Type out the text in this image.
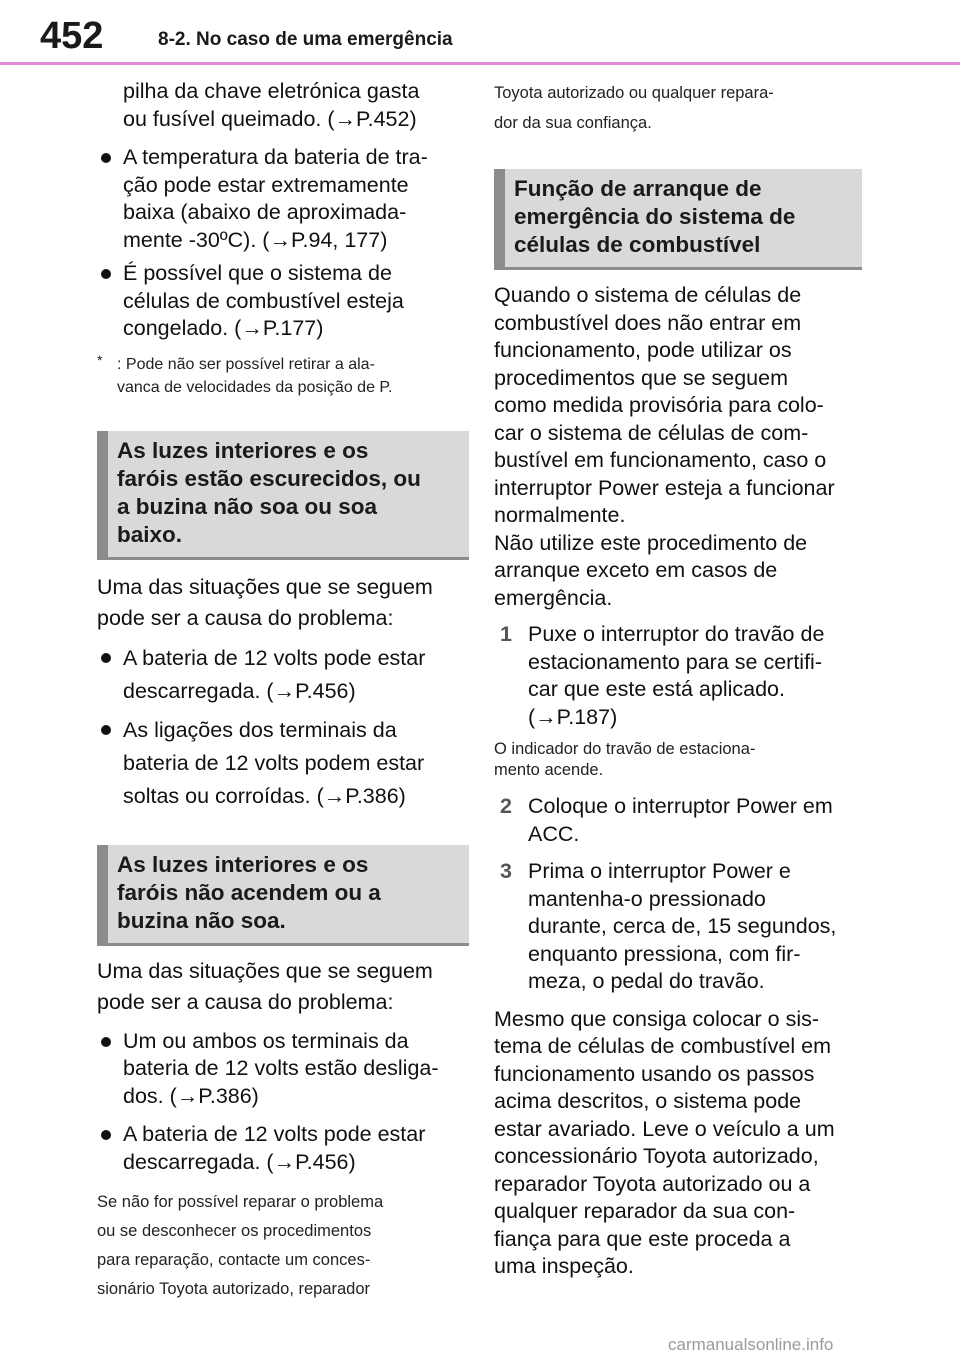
452	8-2. No caso de uma emergência

pilha da chave eletrónica gasta
ou fusível queimado. (→P.452)

A temperatura da bateria de tra-
ção pode estar extremamente
baixa (abaixo de aproximada-
mente -30ºC). (→P.94, 177)
É possível que o sistema de
células de combustível esteja
congelado. (→P.177)
* : Pode não ser possível retirar a ala-
vanca de velocidades da posição de P.

As luzes interiores e os
faróis estão escurecidos, ou
a buzina não soa ou soa
baixo.

Uma das situações que se seguem
pode ser a causa do problema:

A bateria de 12 volts pode estar
descarregada. (→P.456)
As ligações dos terminais da
bateria de 12 volts podem estar
soltas ou corroídas. (→P.386)

As luzes interiores e os
faróis não acendem ou a
buzina não soa.

Uma das situações que se seguem
pode ser a causa do problema:

Um ou ambos os terminais da
bateria de 12 volts estão desliga-
dos. (→P.386)
A bateria de 12 volts pode estar
descarregada. (→P.456)

Se não for possível reparar o problema
ou se desconhecer os procedimentos
para reparação, contacte um conces-
sionário Toyota autorizado, reparador

Toyota autorizado ou qualquer repara-
dor da sua confiança.

Função de arranque de
emergência do sistema de
células de combustível

Quando o sistema de células de
combustível does não entrar em
funcionamento, pode utilizar os
procedimentos que se seguem
como medida provisória para colo-
car o sistema de células de com-
bustível em funcionamento, caso o
interruptor Power esteja a funcionar
normalmente.
Não utilize este procedimento de
arranque exceto em casos de
emergência.

1 Puxe o interruptor do travão de
estacionamento para se certifi-
car que este está aplicado.
(→P.187)

O indicador do travão de estaciona-
mento acende.

2 Coloque o interruptor Power em
ACC.
3 Prima o interruptor Power e
mantenha-o pressionado
durante, cerca de, 15 segundos,
enquanto pressiona, com fir-
meza, o pedal do travão.

Mesmo que consiga colocar o sis-
tema de células de combustível em
funcionamento usando os passos
acima descritos, o sistema pode
estar avariado. Leve o veículo a um
concessionário Toyota autorizado,
reparador Toyota autorizado ou a
qualquer reparador da sua con-
fiança para que este proceda a
uma inspeção.

carmanualsonline.info
